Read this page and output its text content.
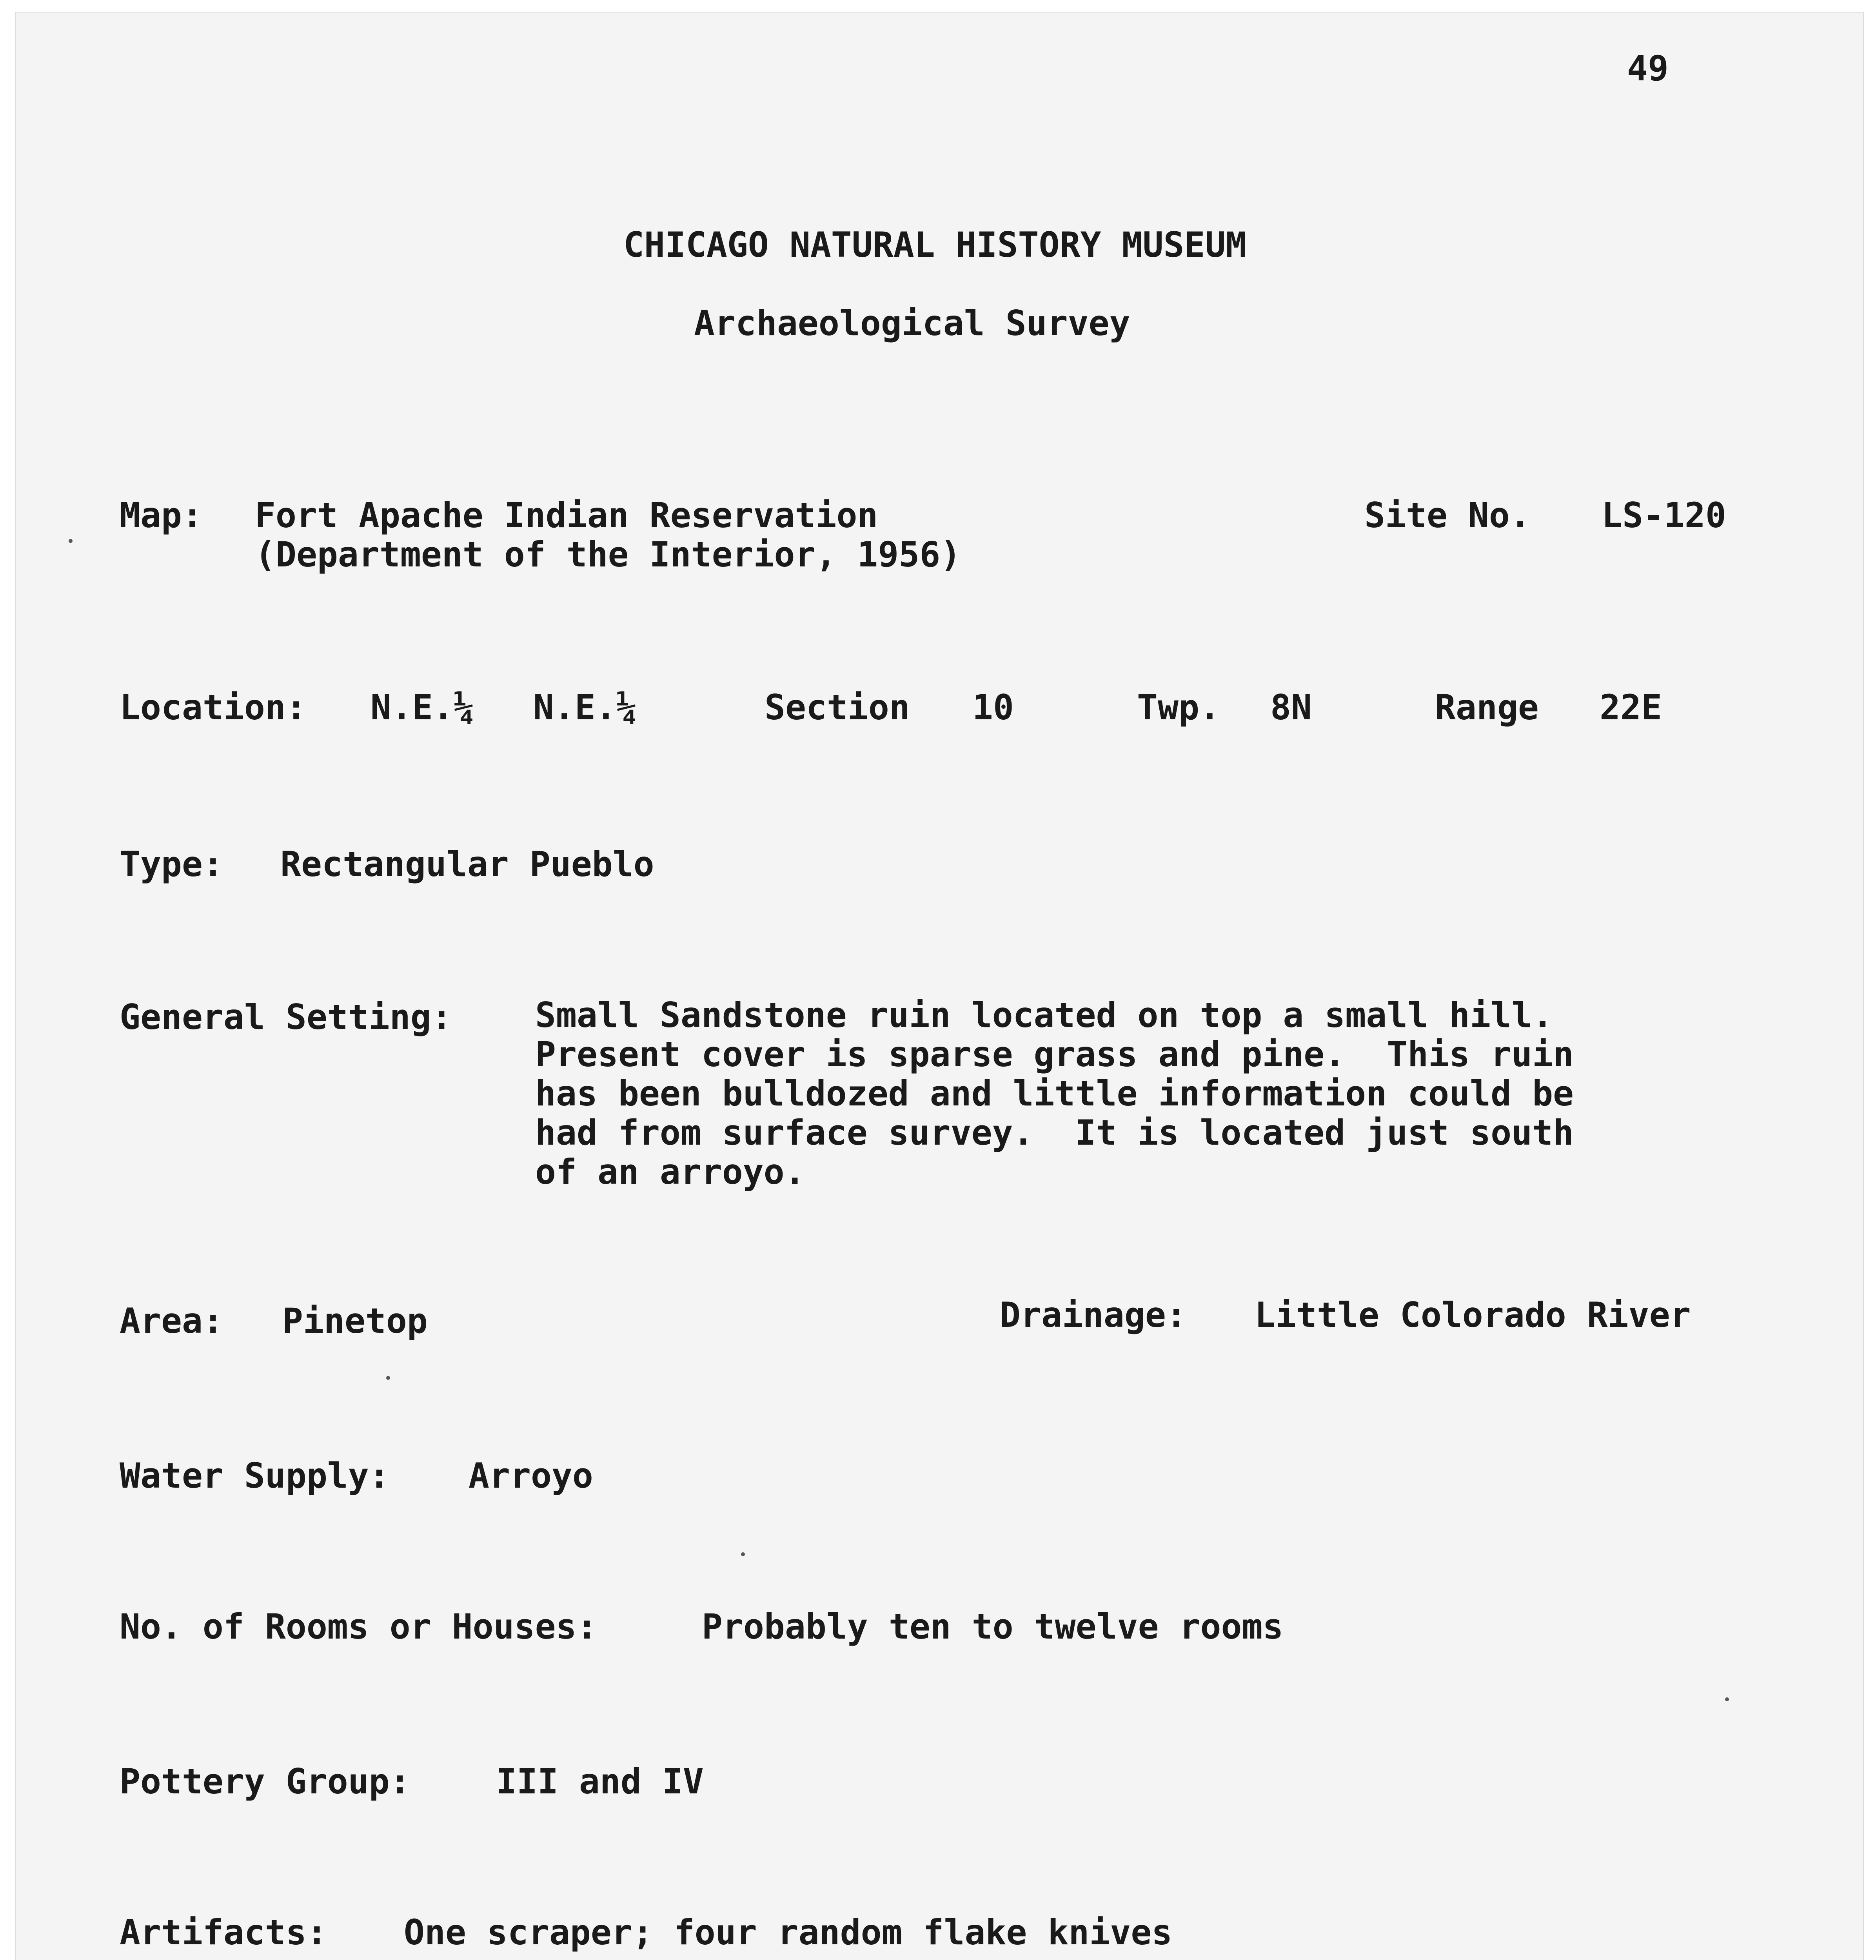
49
CHICAGO NATURAL HISTORY MUSEUM
Archaeological Survey
Map: Fort Apache Indian Reservation
(Department of the Interior, 1956)
Site No. LS-120
Location: N.E.¼ N.E.¼	Section 10	Twp. 8N	Range 22E
Type: Rectangular Pueblo
General Setting: Small Sandstone ruin located on top a small hill.
Present cover is sparse grass and pine.  This ruin
has been bulldozed and little information could be
had from surface survey.  It is located just south
of an arroyo.
Area: Pinetop	Drainage: Little Colorado River
Water Supply: Arroyo
No. of Rooms or Houses:	Probably ten to twelve rooms
Pottery Group: III and IV
Artifacts: One scraper; four random flake knives
